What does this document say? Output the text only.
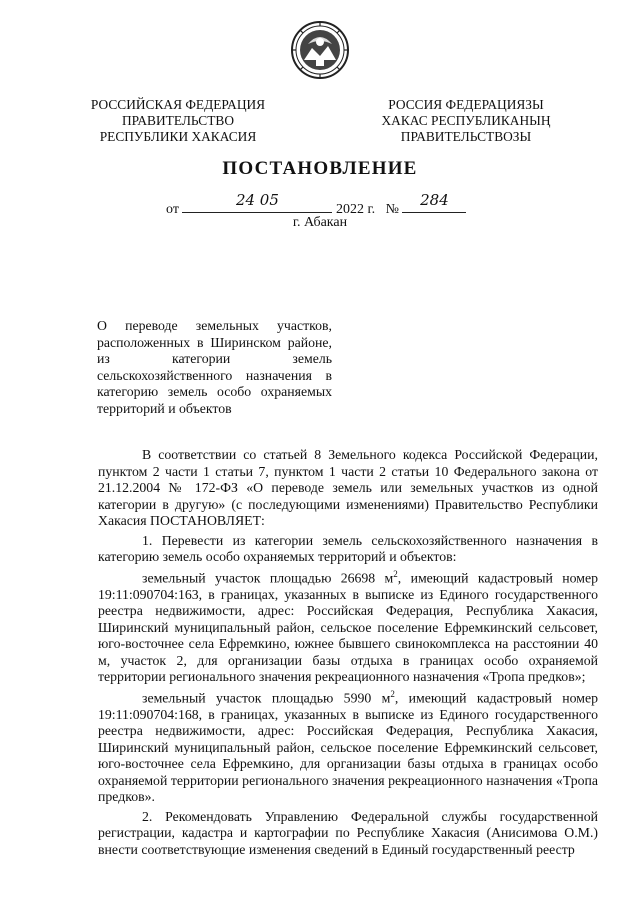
РОССИЙСКАЯ ФЕДЕРАЦИЯ
ПРАВИТЕЛЬСТВО
РЕСПУБЛИКИ ХАКАСИЯ
РОССИЯ ФЕДЕРАЦИЯЗЫ
ХАКАС РЕСПУБЛИКАНЫҢ
ПРАВИТЕЛЬСТВОЗЫ
ПОСТАНОВЛЕНИЕ
от
24 05
2022 г. №
284
г. Абакан
О переводе земельных участков, расположенных в Ширинском районе, из категории земель сельскохозяйственного назначения в категорию земель особо охраняемых территорий и объектов

В соответствии со статьей 8 Земельного кодекса Российской Федерации, пунктом 2 части 1 статьи 7, пунктом 1 части 2 статьи 10 Федерального закона от 21.12.2004 № 172-ФЗ «О переводе земель или земельных участков из одной категории в другую» (с последующими изменениями) Правительство Республики Хакасия ПОСТАНОВЛЯЕТ:

1. Перевести из категории земель сельскохозяйственного назначения в категорию земель особо охраняемых территорий и объектов:

земельный участок площадью 26698 $м^2$, имеющий кадастровый номер 19:11:090704:163, в границах, указанных в выписке из Единого государственного реестра недвижимости, адрес: Российская Федерация, Республика Хакасия, Ширинский муниципальный район, сельское поселение Ефремкинский сельсовет, юго-восточнее села Ефремкино, южнее бывшего свинокомплекса на расстоянии 40 м, участок 2, для организации базы отдыха в границах особо охраняемой территории регионального значения рекреационного назначения «Тропа предков»;

земельный участок площадью 5990 $м^2$, имеющий кадастровый номер 19:11:090704:168, в границах, указанных в выписке из Единого государственного реестра недвижимости, адрес: Российская Федерация, Республика Хакасия, Ширинский муниципальный район, сельское поселение Ефремкинский сельсовет, юго-восточнее села Ефремкино, для организации базы отдыха в границах особо охраняемой территории регионального значения рекреационного назначения «Тропа предков».

2. Рекомендовать Управлению Федеральной службы государственной регистрации, кадастра и картографии по Республике Хакасия (Анисимова О.М.) внести соответствующие изменения сведений в Единый государственный реестр
